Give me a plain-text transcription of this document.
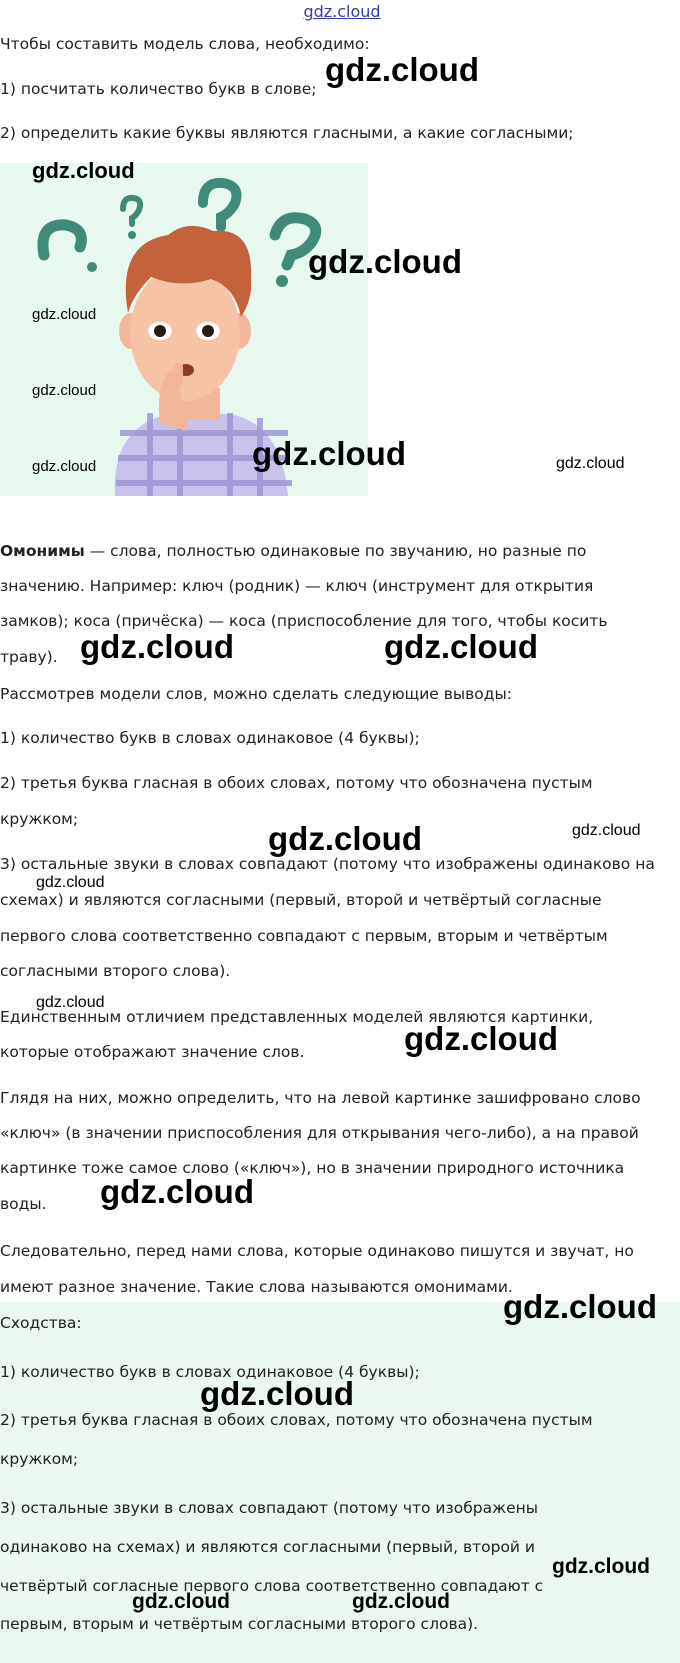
gdz.cloud
Чтобы составить модель слова, необходимо:
1) посчитать количество букв в слове;
2) определить какие буквы являются гласными, а какие согласными;
Омонимы — слова, полностью одинаковые по звучанию, но разные по
значению. Например: ключ (родник) — ключ (инструмент для открытия
замков); коса (причёска) — коса (приспособление для того, чтобы косить
траву).
Рассмотрев модели слов, можно сделать следующие выводы:
1) количество букв в словах одинаковое (4 буквы);
2) третья буква гласная в обоих словах, потому что обозначена пустым
кружком;
3) остальные звуки в словах совпадают (потому что изображены одинаково на
схемах) и являются согласными (первый, второй и четвёртый согласные
первого слова соответственно совпадают с первым, вторым и четвёртым
согласными второго слова).
Единственным отличием представленных моделей являются картинки,
которые отображают значение слов.
Глядя на них, можно определить, что на левой картинке зашифровано слово
«ключ» (в значении приспособления для открывания чего-либо), а на правой
картинке тоже самое слово («ключ»), но в значении природного источника
воды.
Следовательно, перед нами слова, которые одинаково пишутся и звучат, но
имеют разное значение. Такие слова называются омонимами.
Сходства:
1) количество букв в словах одинаковое (4 буквы);
2) третья буква гласная в обоих словах, потому что обозначена пустым
кружком;
3) остальные звуки в словах совпадают (потому что изображены
одинаково на схемах) и являются согласными (первый, второй и
четвёртый согласные первого слова соответственно совпадают с
первым, вторым и четвёртым согласными второго слова).
gdz.cloud
gdz.cloud
gdz.cloud
gdz.cloud
gdz.cloud
gdz.cloud	gdz.cloud	gdz.cloud
gdz.cloud	gdz.cloud
gdz.cloud	gdz.cloud
gdz.cloud
gdz.cloud
gdz.cloud
gdz.cloud
gdz.cloud
gdz.cloud
gdz.cloud
gdz.cloud	gdz.cloud
